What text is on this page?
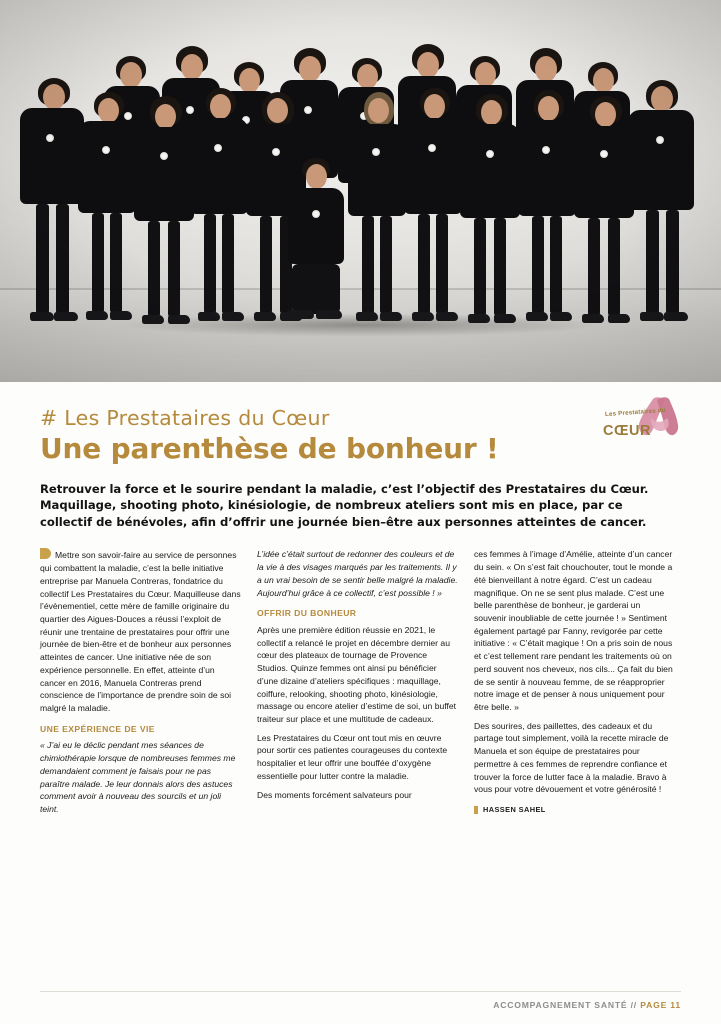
Les Prestataires du
CŒUR
# Les Prestataires du Cœur
Une parenthèse de bonheur !
Retrouver la force et le sourire pendant la maladie, c’est l’objectif des Prestataires du Cœur. Maquillage, shooting photo, kinésiologie, de nombreux ateliers sont mis en place, par ce collectif de bénévoles, afin d’offrir une journée bien–être aux personnes atteintes de cancer.

Mettre son savoir-faire au service de personnes qui combattent la maladie, c’est la belle initiative entreprise par Manuela Contreras, fondatrice du collectif Les Prestataires du Cœur. Maquilleuse dans l’évènementiel, cette mère de famille originaire du quartier des Aigues-Douces a réussi l’exploit de réunir une trentaine de prestataires pour offrir une journée de bien-être et de bonheur aux personnes atteintes de cancer. Une initiative née de son expérience personnelle. En effet, atteinte d’un cancer en 2016, Manuela Contreras prend conscience de l’importance de prendre soin de soi malgré la maladie.

UNE EXPÉRIENCE DE VIE

« J’ai eu le déclic pendant mes séances de chimiothérapie lorsque de nombreuses femmes me demandaient comment je faisais pour ne pas paraître malade. Je leur donnais alors des astuces comment avoir à nouveau des sourcils et un joli teint.

L’idée c’était surtout de redonner des couleurs et de la vie à des visages marqués par les traitements. Il y a un vrai besoin de se sentir belle malgré la maladie. Aujourd’hui grâce à ce collectif, c’est possible ! »

OFFRIR DU BONHEUR

Après une première édition réussie en 2021, le collectif a relancé le projet en décembre dernier au cœur des plateaux de tournage de Provence Studios. Quinze femmes ont ainsi pu bénéficier d’une dizaine d’ateliers spécifiques : maquillage, coiffure, relooking, shooting photo, kinésiologie, massage ou encore atelier d’estime de soi, un buffet traiteur sur place et une multitude de cadeaux.

Les Prestataires du Cœur ont tout mis en œuvre pour sortir ces patientes courageuses du contexte hospitalier et leur offrir une bouffée d’oxygène essentielle pour lutter contre la maladie.

Des moments forcément salvateurs pour

ces femmes à l’image d’Amélie, atteinte d’un cancer du sein. « On s’est fait chouchouter, tout le monde a été bienveillant à notre égard. C’est un cadeau magnifique. On ne se sent plus malade. C’est une belle parenthèse de bonheur, je garderai un souvenir inoubliable de cette journée ! » Sentiment également partagé par Fanny, revigorée par cette initiative : « C’était magique ! On a pris soin de nous et c’est tellement rare pendant les traitements où on perd souvent nos cheveux, nos cils... Ça fait du bien de se sentir à nouveau femme, de se réapproprier notre image et de penser à nous uniquement pour être belle. »

Des sourires, des paillettes, des cadeaux et du partage tout simplement, voilà la recette miracle de Manuela et son équipe de prestataires pour permettre à ces femmes de reprendre confiance et trouver la force de lutter face à la maladie. Bravo à vous pour votre dévouement et votre générosité !

HASSEN SAHEL
ACCOMPAGNEMENT SANTÉ // PAGE 11
